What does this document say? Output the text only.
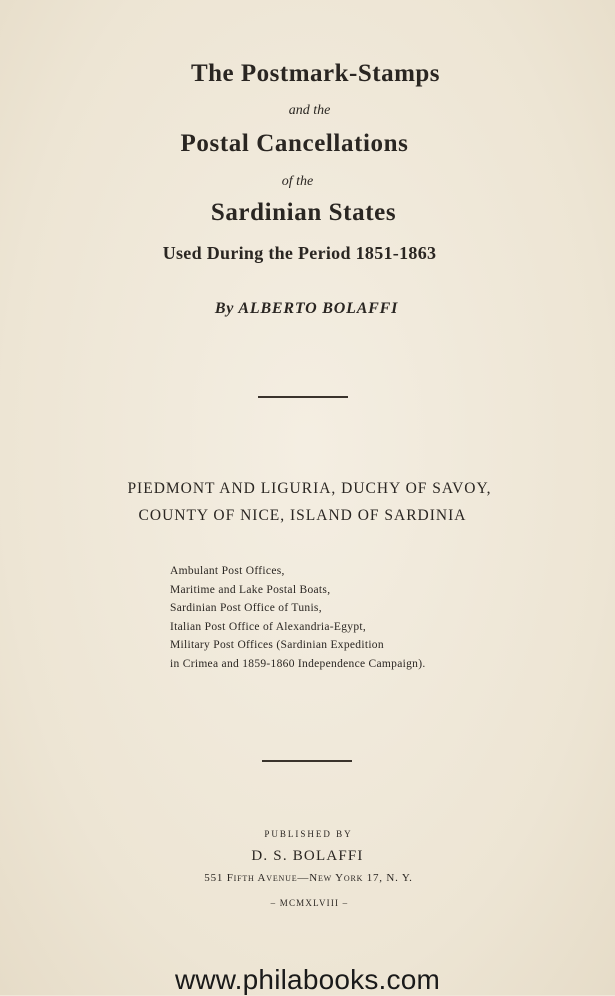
The Postmark-Stamps
and the
Postal Cancellations
of the
Sardinian States
Used During the Period 1851-1863
By ALBERTO BOLAFFI
PIEDMONT AND LIGURIA, DUCHY OF SAVOY,
COUNTY OF NICE, ISLAND OF SARDINIA
Ambulant Post Offices,
Maritime and Lake Postal Boats,
Sardinian Post Office of Tunis,
Italian Post Office of Alexandria-Egypt,
Military Post Offices (Sardinian Expedition
in Crimea and 1859-1860 Independence Campaign).
PUBLISHED BY
D. S. BOLAFFI
551 Fifth Avenue—New York 17, N. Y.
– MCMXLVIII –
www.philabooks.com
